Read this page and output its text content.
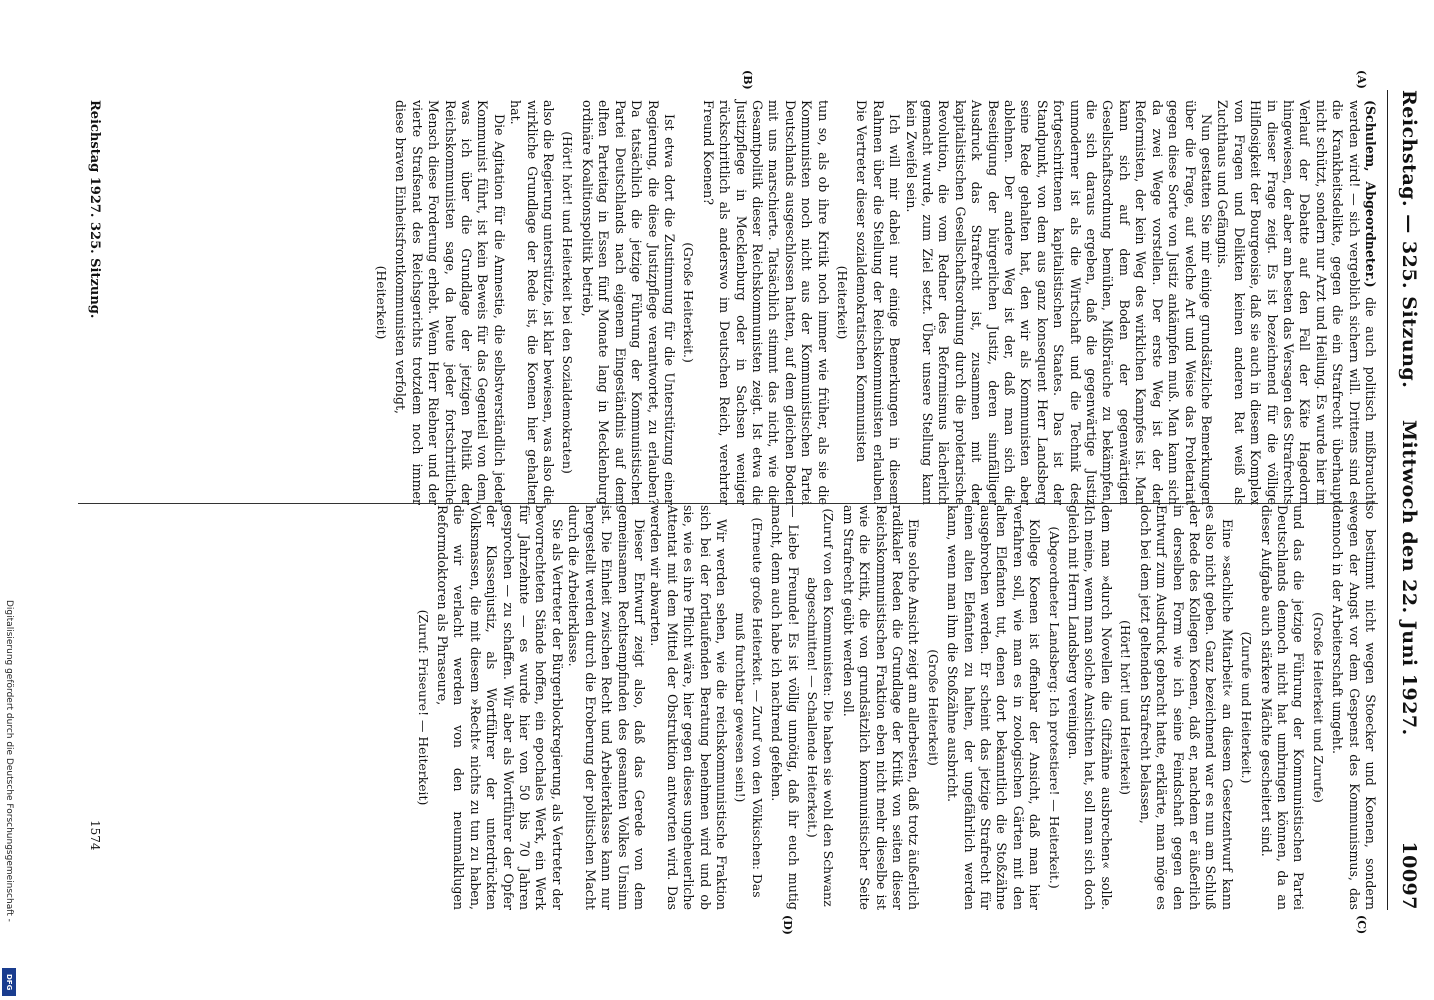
Digitalisierung gefördert durch die Deutsche Forschungsgemeinschaft -
DFG
Reichstag. — 325. Sitzung.
Mittwoch den 22. Juni 1927.
10097
(A)
(B)
(C)
(D)

(Schulem, Abgeordneter.) die auch politisch mißbraucht werden wird! — sich vergeblich sichern will. Drittens sind es die Krankheitsdelikte, gegen die ein Strafrecht überhaupt nicht schützt, sondern nur Arzt und Heilung. Es wurde hier im Verlauf der Debatte auf den Fall der Käte Hagedorn hingewiesen, der aber am besten das Versagen des Strafrechts in dieser Frage zeigt. Es ist bezeichnend für die völlige Hilflosigkeit der Bourgeoisie, daß sie auch in diesem Komplex von Fragen und Delikten keinen anderen Rat weiß als Zuchthaus und Gefängnis.

Nun gestatten Sie mir einige grundsätzliche Bemerkungen über die Frage, auf welche Art und Weise das Proletariat gegen diese Sorte von Justiz ankämpfen muß. Man kann sich da zwei Wege vorstellen. Der erste Weg ist der der Reformisten, der kein Weg des wirklichen Kampfes ist. Man kann sich auf dem Boden der gegenwärtigen Gesellschaftsordnung bemühen, Mißbräuche zu bekämpfen, die sich daraus ergeben, daß die gegenwärtige Justiz unmoderner ist als die Wirtschaft und die Technik des fortgeschrittenen kapitalistischen Staates. Das ist der Standpunkt, von dem aus ganz konsequent Herr Landsberg seine Rede gehalten hat, den wir als Kommunisten aber ablehnen. Der andere Weg ist der, daß man sich die Beseitigung der bürgerlichen Justiz, deren sinnfälliger Ausdruck das Strafrecht ist, zusammen mit der kapitalistischen Gesellschaftsordnung durch die proletarische Revolution, die vom Redner des Reformismus lächerlich gemacht wurde, zum Ziel setzt. Über unsere Stellung kann kein Zweifel sein.

Ich will mir dabei nur einige Bemerkungen in diesem Rahmen über die Stellung der Reichskommunisten erlauben. Die Vertreter dieser sozialdemokratischen Kommunisten

(Heiterkeit)

tun so, als ob ihre Kritik noch immer wie früher, als sie die Kommunisten noch nicht aus der Kommunistischen Partei Deutschlands ausgeschlossen hatten, auf dem gleichen Boden mit uns marschierte. Tatsächlich stimmt das nicht, wie die Gesamtpolitik dieser Reichskommunisten zeigt. Ist etwa die Justizpflege in Mecklenburg oder in Sachsen weniger rückschrittlich als anderswo im Deutschen Reich, verehrter Freund Koenen?

(Große Heiterkeit.)

Ist etwa dort die Zustimmung für die Unterstützung einer Regierung, die diese Justizpflege verantwortet, zu erlauben? Da tatsächlich die jetzige Führung der Kommunistischen Partei Deutschlands nach eigenem Eingeständnis auf dem elften Parteitag in Essen fünf Monate lang in Mecklenburg ordinäre Koalitionspolitik betrieb,

(Hört! hört! und Heiterkeit bei den Sozialdemokraten)

also die Regierung unterstützte, ist klar bewiesen, was also die wirkliche Grundlage der Rede ist, die Koenen hier gehalten hat.

Die Agitation für die Amnestie, die selbstverständlich jeder Kommunist führt, ist kein Beweis für das Gegenteil von dem, was ich über die Grundlage der jetzigen Politik der Reichskommunisten sage, da heute jeder fortschrittliche Mensch diese Forderung erhebt. Wenn Herr Riebner und der vierte Strafsenat des Reichsgerichts trotzdem noch immer diese braven Einheitsfrontkommunisten verfolgt,

(Heiterkeit)

so bestimmt nicht wegen Stoecker und Koenen, sondern wegen der Angst vor dem Gespenst des Kommunismus, das dennoch in der Arbeiterschaft umgeht.

(Große Heiterkeit und Zurufe)

und das die jetzige Führung der Kommunistischen Partei Deutschlands dennoch nicht hat umbringen können, da an dieser Aufgabe auch stärkere Mächte gescheitert sind.

(Zurufe und Heiterkeit.)

Eine »sachliche Mitarbeit« an diesem Gesetzentwurf kann es also nicht geben. Ganz bezeichnend war es nun am Schluß der Rede des Kollegen Koenen, daß er, nachdem er äußerlich in derselben Form wie ich seine Feindschaft gegen den Entwurf zum Ausdruck gebracht hatte, erklärte, man möge es doch bei dem jetzt geltenden Strafrecht belassen,

(Hört! hört! und Heiterkeit)

dem man »durch Novellen die Giftzähne ausbrechen« solle. Ich meine, wenn man solche Ansichten hat, soll man sich doch gleich mit Herrn Landsberg vereinigen.

(Abgeordneter Landsberg: Ich protestiere! — Heiterkeit.)

Kollege Koenen ist offenbar der Ansicht, daß man hier verfahren soll, wie man es in zoologischen Gärten mit den alten Elefanten tut, denen dort bekanntlich die Stoßzähne ausgebrochen werden. Er scheint das jetzige Strafrecht für einen alten Elefanten zu halten, der ungefährlich werden kann, wenn man ihm die Stoßzähne ausbricht.

(Große Heiterkeit)

Eine solche Ansicht zeigt am allerbesten, daß trotz äußerlich radikaler Reden die Grundlage der Kritik von seiten dieser Reichskommunistischen Fraktion eben nicht mehr dieselbe ist wie die Kritik, die von grundsätzlich kommunistischer Seite am Strafrecht geübt werden soll.

(Zuruf von den Kommunisten: Die haben sie wohl den Schwanz abgeschnitten! — Schallende Heiterkeit.)

— Liebe Freunde! Es ist völlig unnötig, daß ihr euch mutig macht, denn auch habe ich nachrend gefehen.

(Erneute große Heiterkeit. — Zuruf von den Völkischen: Das muß furchtbar gewesen sein!)

Wir werden sehen, wie die reichskommunistische Fraktion sich bei der fortlaufenden Beratung benehmen wird und ob sie, wie es ihre Pflicht wäre, hier gegen dieses ungeheuerliche Attentat mit dem Mittel der Obstruktion antworten wird. Das werden wir abwarten.

Dieser Entwurf zeigt also, daß das Gerede von dem gemeinsamen Rechtsempfinden des gesamten Volkes Unsinn ist. Die Einheit zwischen Recht und Arbeiterklasse kann nur hergestellt werden durch die Eroberung der politischen Macht durch die Arbeiterklasse.

Sie als Vertreter der Bürgerblockregierung, als Vertreter der bevorrechteten Stände hoffen, ein epochales Werk, ein Werk für Jahrzehnte — es wurde hier von 50 bis 70 Jahren gesprochen — zu schaffen. Wir aber als Wortführer der Opfer der Klassenjustiz, als Wortführer der unterdrückten Volksmassen, die mit diesem »Recht« nichts zu tun zu haben, die wir verlacht werden von den neunmalklugen Reformdoktoren als Phraseure,

(Zuruf: Friseure! — Heiterkeit)

Reichstag 1927. 325. Sitzung.
1574
